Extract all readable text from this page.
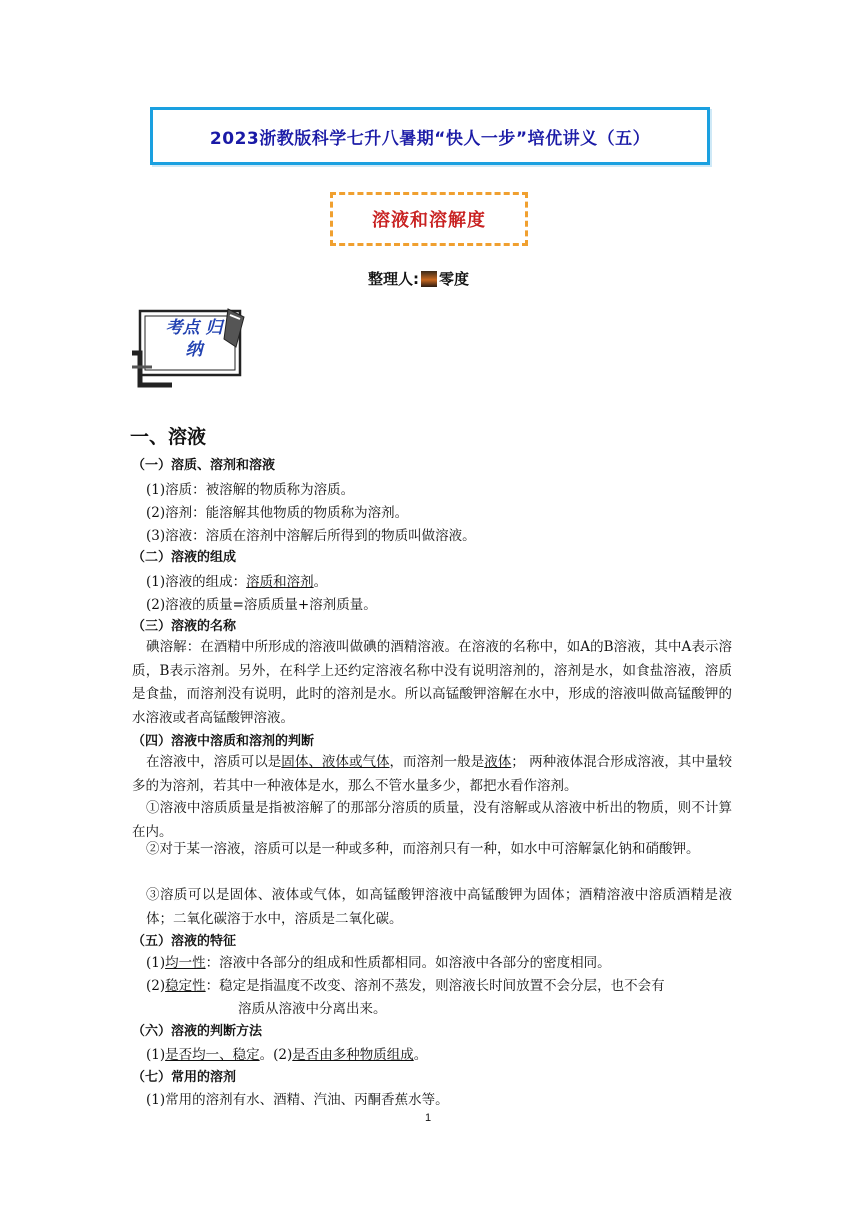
2023浙教版科学七升八暑期“快人一步”培优讲义（五）
溶液和溶解度
整理人: 零度
考点 归纳
一、溶液
（一）溶质、溶剂和溶液
(1)溶质：被溶解的物质称为溶质。
(2)溶剂：能溶解其他物质的物质称为溶剂。
(3)溶液：溶质在溶剂中溶解后所得到的物质叫做溶液。
（二）溶液的组成
(1)溶液的组成：溶质和溶剂。
(2)溶液的质量=溶质质量+溶剂质量。
（三）溶液的名称
碘溶解：在酒精中所形成的溶液叫做碘的酒精溶液。在溶液的名称中，如A的B溶液，其中A表示溶质，B表示溶剂。另外，在科学上还约定溶液名称中没有说明溶剂的，溶剂是水，如食盐溶液，溶质是食盐，而溶剂没有说明，此时的溶剂是水。所以高锰酸钾溶解在水中，形成的溶液叫做高锰酸钾的水溶液或者高锰酸钾溶液。
（四）溶液中溶质和溶剂的判断
在溶液中，溶质可以是固体、液体或气体，而溶剂一般是液体； 两种液体混合形成溶液，其中量较多的为溶剂，若其中一种液体是水，那么不管水量多少，都把水看作溶剂。
①溶液中溶质质量是指被溶解了的那部分溶质的质量，没有溶解或从溶液中析出的物质，则不计算在内。
②对于某一溶液，溶质可以是一种或多种，而溶剂只有一种，如水中可溶解氯化钠和硝酸钾。
③溶质可以是固体、液体或气体，如高锰酸钾溶液中高锰酸钾为固体；酒精溶液中溶质酒精是液体；二氧化碳溶于水中，溶质是二氧化碳。
（五）溶液的特征
(1)均一性：溶液中各部分的组成和性质都相同。如溶液中各部分的密度相同。
(2)稳定性：稳定是指温度不改变、溶剂不蒸发，则溶液长时间放置不会分层，也不会有
溶质从溶液中分离出来。
（六）溶液的判断方法
(1)是否均一、稳定。(2)是否由多种物质组成。
（七）常用的溶剂
(1)常用的溶剂有水、酒精、汽油、丙酮香蕉水等。
1
